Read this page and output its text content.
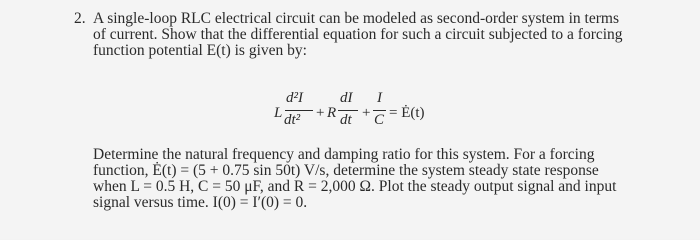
2. A single-loop RLC electrical circuit can be modeled as second-order system in terms
of current. Show that the differential equation for such a circuit subjected to a forcing
function potential E(t) is given by:
L
d²I
dt² + R
dI
dt +
I
C = Ė(t)
Determine the natural frequency and damping ratio for this system. For a forcing
function, Ė(t) = (5 + 0.75 sin 50t) V/s, determine the system steady state response
when L = 0.5 H, C = 50 μF, and R = 2,000 Ω. Plot the steady output signal and input
signal versus time. I(0) = I′(0) = 0.
